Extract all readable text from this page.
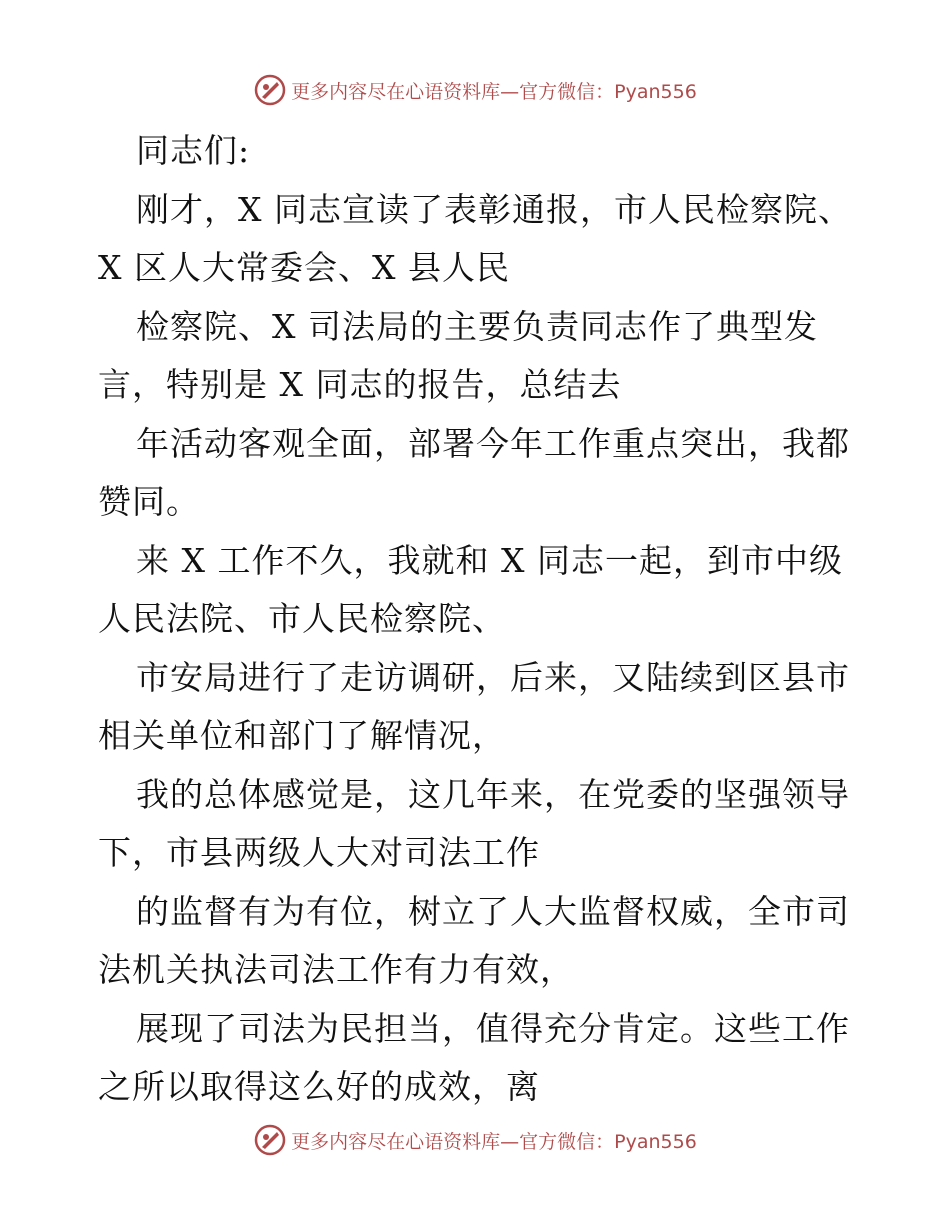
更多内容尽在心语资料库—官方微信：Pyan556
同志们:
刚才，X 同志宣读了表彰通报，市人民检察院、
X 区人大常委会、X 县人民
检察院、X 司法局的主要负责同志作了典型发
言，特别是 X 同志的报告，总结去
年活动客观全面，部署今年工作重点突出，我都
赞同。
来 X 工作不久，我就和 X 同志一起，到市中级
人民法院、市人民检察院、
市安局进行了走访调研，后来，又陆续到区县市
相关单位和部门了解情况，
我的总体感觉是，这几年来，在党委的坚强领导
下，市县两级人大对司法工作
的监督有为有位，树立了人大监督权威，全市司
法机关执法司法工作有力有效，
展现了司法为民担当，值得充分肯定。这些工作
之所以取得这么好的成效，离
更多内容尽在心语资料库—官方微信：Pyan556
